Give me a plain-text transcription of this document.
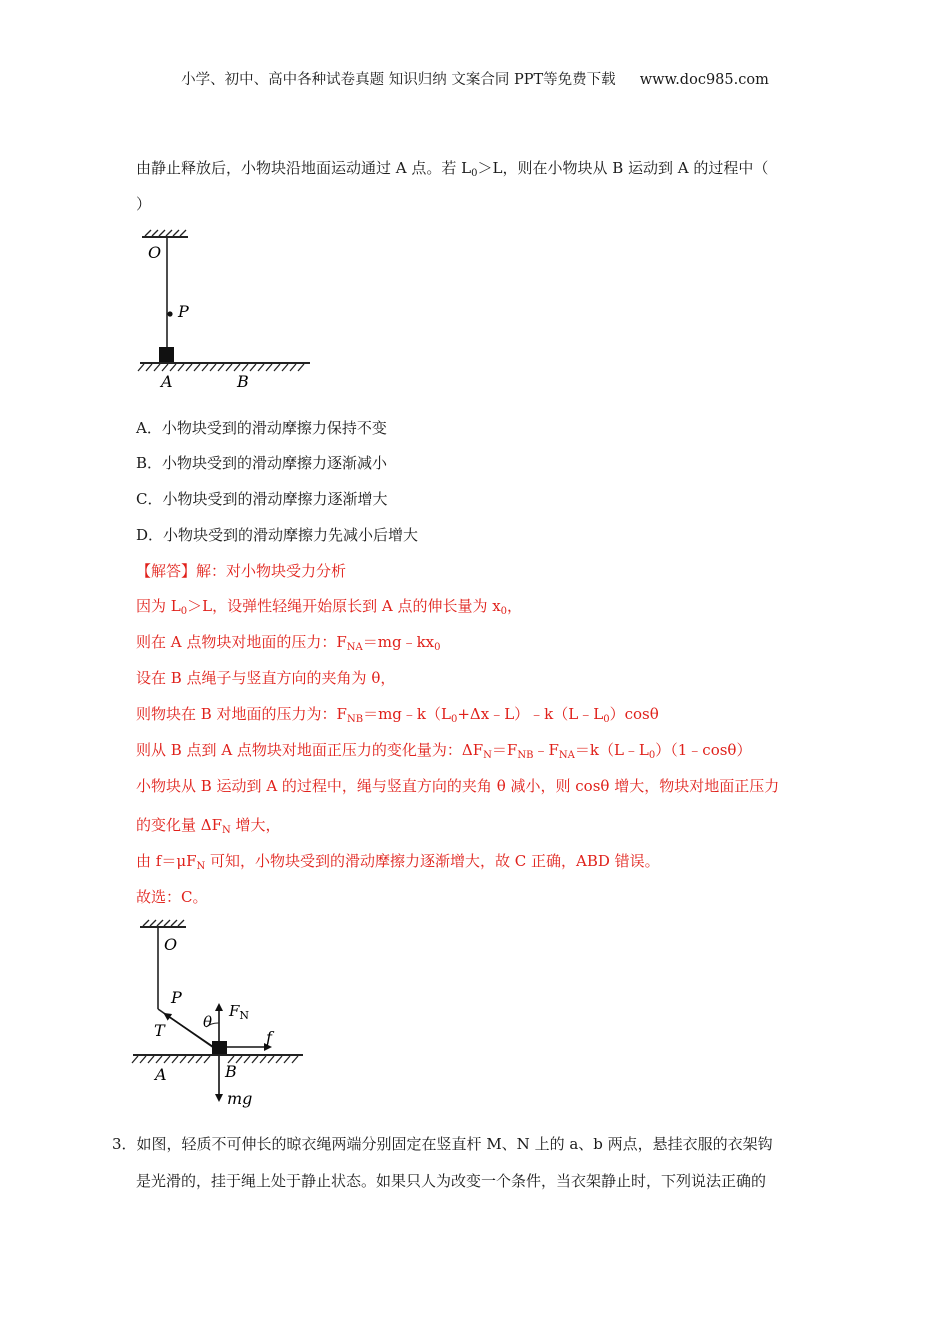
小学、初中、高中各种试卷真题 知识归纳 文案合同 PPT等免费下载 www.doc985.com
由静止释放后，小物块沿地面运动通过 A 点。若 $L_0>L$，则在小物块从 B 运动到 A 的过程中（
）
O
P
A	B
A．小物块受到的滑动摩擦力保持不变
B．小物块受到的滑动摩擦力逐渐减小
C．小物块受到的滑动摩擦力逐渐增大
D．小物块受到的滑动摩擦力先减小后增大
【解答】解：对小物块受力分析
因为 $L_0>L$，设弹性轻绳开始原长到 A 点的伸长量为 $x_0$，
则在 A 点物块对地面的压力：$F_{NA}=mg﹣kx_0$
设在 B 点绳子与竖直方向的夹角为 θ，
则物块在 B 对地面的压力为：$F_{NB}=mg﹣k(L_0+\Delta x﹣L)﹣k(L﹣L_0)\cos\theta$
则从 B 点到 A 点物块对地面正压力的变化量为：$\Delta F_N=F_{NB}﹣F_{NA}=k(L﹣L_0)(1﹣\cos\theta)$
小物块从 B 运动到 A 的过程中，绳与竖直方向的夹角 θ 减小，则 cosθ 增大，物块对地面正压力
的变化量 $\Delta F_N$ 增大，
由 $f=\mu F_N$ 可知，小物块受到的滑动摩擦力逐渐增大，故 C 正确，ABD 错误。
故选：C。
O
P
T	θ
$F_N$
f
A	B
mg
3．如图，轻质不可伸长的晾衣绳两端分别固定在竖直杆 M、N 上的 a、b 两点，悬挂衣服的衣架钩
是光滑的，挂于绳上处于静止状态。如果只人为改变一个条件，当衣架静止时，下列说法正确的
